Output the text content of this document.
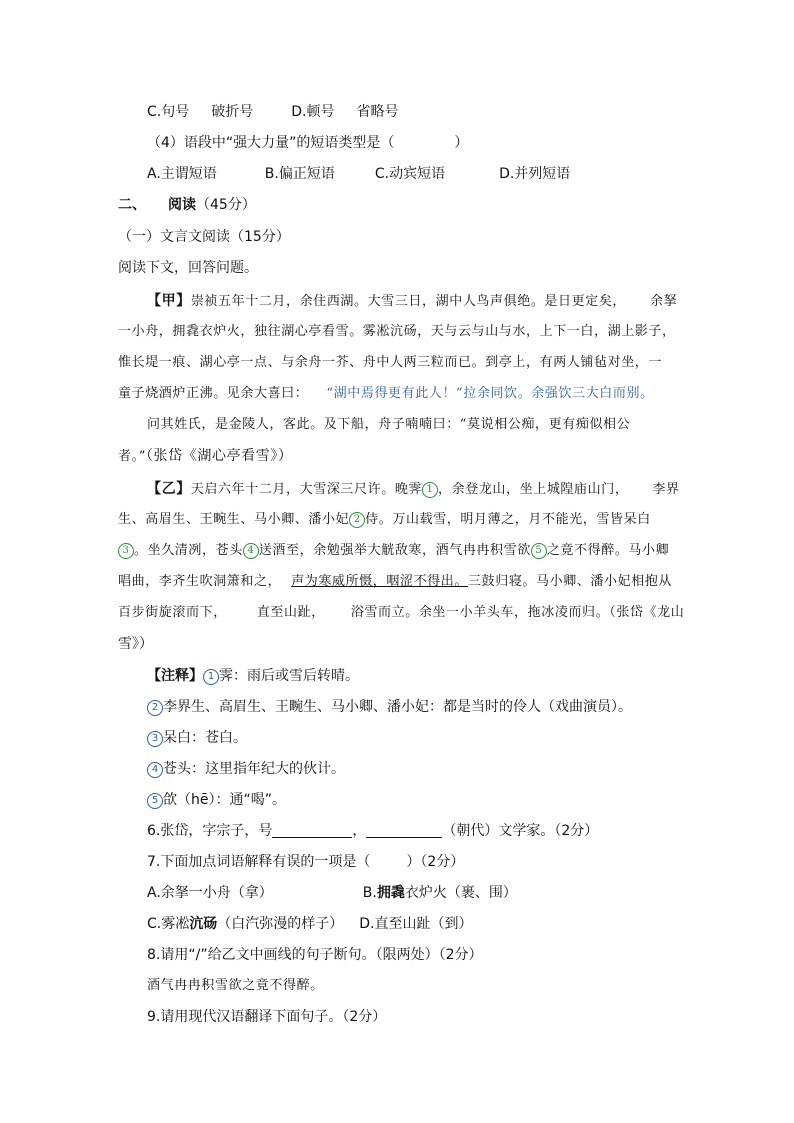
C.句号 破折号	D.顿号 省略号
（4）语段中“强大力量”的短语类型是（	）
A.主谓短语	B.偏正短语	C.动宾短语	D.并列短语
二、 阅读（45分）
（一）文言文阅读（15分）
阅读下文，回答问题。
【甲】崇祯五年十二月，余住西湖。大雪三日，湖中人鸟声俱绝。是日更定矣， 余拏
一小舟，拥毳衣炉火，独往湖心亭看雪。雾凇沆砀，天与云与山与水，上下一白，湖上影子，
惟长堤一痕、湖心亭一点、与余舟一芥、舟中人两三粒而已。到亭上，有两人铺毡对坐，一
童子烧酒炉正沸。见余大喜曰： “湖中焉得更有此人！”拉余同饮。余强饮三大白而别。
问其姓氏，是金陵人，客此。及下船，舟子喃喃曰：“莫说相公痴，更有痴似相公
者。”（张岱《湖心亭看雪》）
【乙】天启六年十二月，大雪深三尺许。晚霁 1 ，余登龙山，坐上城隍庙山门， 李界
生、高眉生、王畹生、马小卿、潘小妃 2 侍。万山载雪，明月薄之，月不能光，雪皆呆白
3 。坐久清冽，苍头 4 送酒至，余勉强举大觥敌寒，酒气冉冉积雪欲 5 之竟不得醉。马小卿
唱曲，李齐生吹洞箫和之， 声为寒威所慑，咽涩不得出。三鼓归寝。马小卿、潘小妃相抱从
百步街旋滚而下， 直至山趾， 浴雪而立。余坐一小羊头车，拖冰凌而归。（张岱《龙山
雪》）
【注释】 1 霁：雨后或雪后转晴。
2 李界生、高眉生、王畹生、马小卿、潘小妃：都是当时的伶人（戏曲演员）。
3 呆白：苍白。
4 苍头：这里指年纪大的伙计。
5 欱（hē）：通“喝”。
6.张岱，字宗子，号	，	（朝代）文学家。（2分）
7.下面加点词语解释有误的一项是（	）（2分）
A.余拏一小舟（拿）	B.拥毳衣炉火（裹、围）
C.雾凇沆砀（白汽弥漫的样子） D.直至山趾（到）
8.请用“/”给乙文中画线的句子断句。（限两处）（2分）
酒气冉冉积雪欲之竟不得醉。
9.请用现代汉语翻译下面句子。（2分）
